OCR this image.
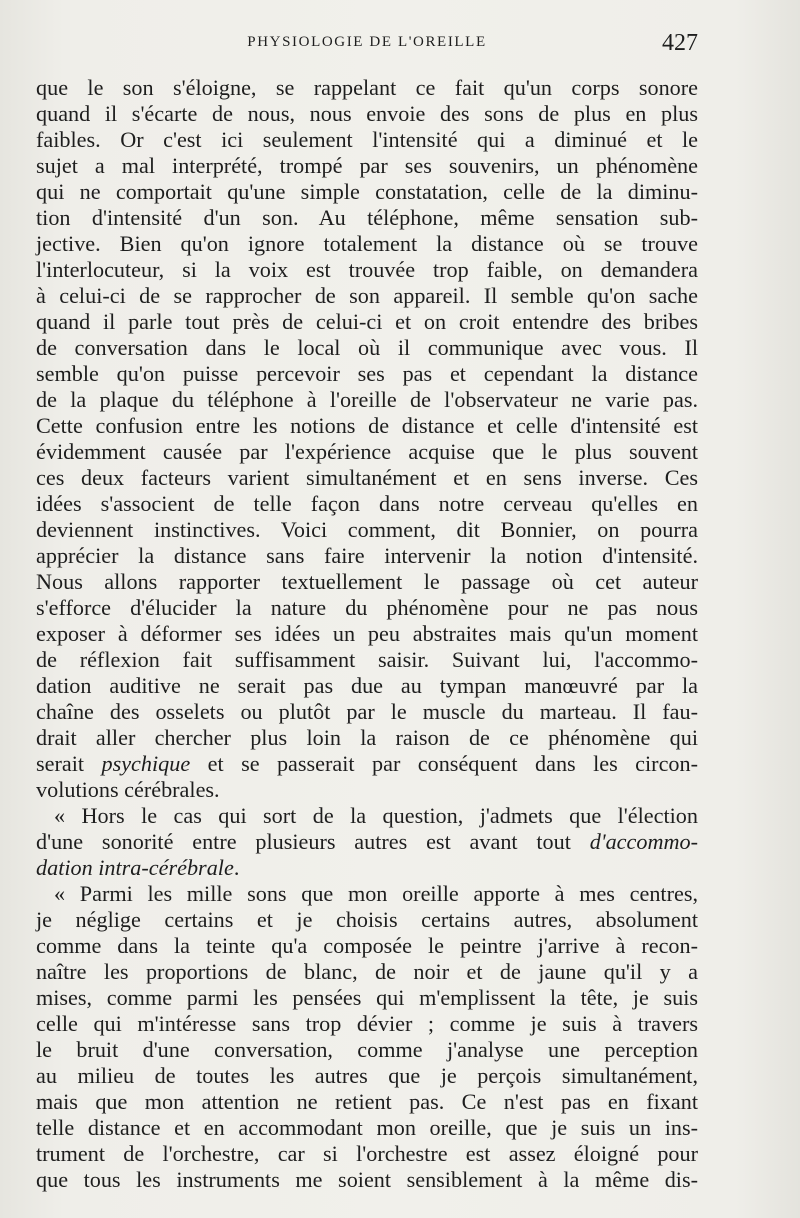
PHYSIOLOGIE DE L'OREILLE	427
que le son s'éloigne, se rappelant ce fait qu'un corps sonore
quand il s'écarte de nous, nous envoie des sons de plus en plus
faibles. Or c'est ici seulement l'intensité qui a diminué et le
sujet a mal interprété, trompé par ses souvenirs, un phénomène
qui ne comportait qu'une simple constatation, celle de la diminu-
tion d'intensité d'un son. Au téléphone, même sensation sub-
jective. Bien qu'on ignore totalement la distance où se trouve
l'interlocuteur, si la voix est trouvée trop faible, on demandera
à celui-ci de se rapprocher de son appareil. Il semble qu'on sache
quand il parle tout près de celui-ci et on croit entendre des bribes
de conversation dans le local où il communique avec vous. Il
semble qu'on puisse percevoir ses pas et cependant la distance
de la plaque du téléphone à l'oreille de l'observateur ne varie pas.
Cette confusion entre les notions de distance et celle d'intensité est
évidemment causée par l'expérience acquise que le plus souvent
ces deux facteurs varient simultanément et en sens inverse. Ces
idées s'associent de telle façon dans notre cerveau qu'elles en
deviennent instinctives. Voici comment, dit Bonnier, on pourra
apprécier la distance sans faire intervenir la notion d'intensité.
Nous allons rapporter textuellement le passage où cet auteur
s'efforce d'élucider la nature du phénomène pour ne pas nous
exposer à déformer ses idées un peu abstraites mais qu'un moment
de réflexion fait suffisamment saisir. Suivant lui, l'accommo-
dation auditive ne serait pas due au tympan manœuvré par la
chaîne des osselets ou plutôt par le muscle du marteau. Il fau-
drait aller chercher plus loin la raison de ce phénomène qui
serait psychique et se passerait par conséquent dans les circon-
volutions cérébrales.
« Hors le cas qui sort de la question, j'admets que l'élection
d'une sonorité entre plusieurs autres est avant tout d'accommo-
dation intra-cérébrale.
« Parmi les mille sons que mon oreille apporte à mes centres,
je néglige certains et je choisis certains autres, absolument
comme dans la teinte qu'a composée le peintre j'arrive à recon-
naître les proportions de blanc, de noir et de jaune qu'il y a
mises, comme parmi les pensées qui m'emplissent la tête, je suis
celle qui m'intéresse sans trop dévier ; comme je suis à travers
le bruit d'une conversation, comme j'analyse une perception
au milieu de toutes les autres que je perçois simultanément,
mais que mon attention ne retient pas. Ce n'est pas en fixant
telle distance et en accommodant mon oreille, que je suis un ins-
trument de l'orchestre, car si l'orchestre est assez éloigné pour
que tous les instruments me soient sensiblement à la même dis-
